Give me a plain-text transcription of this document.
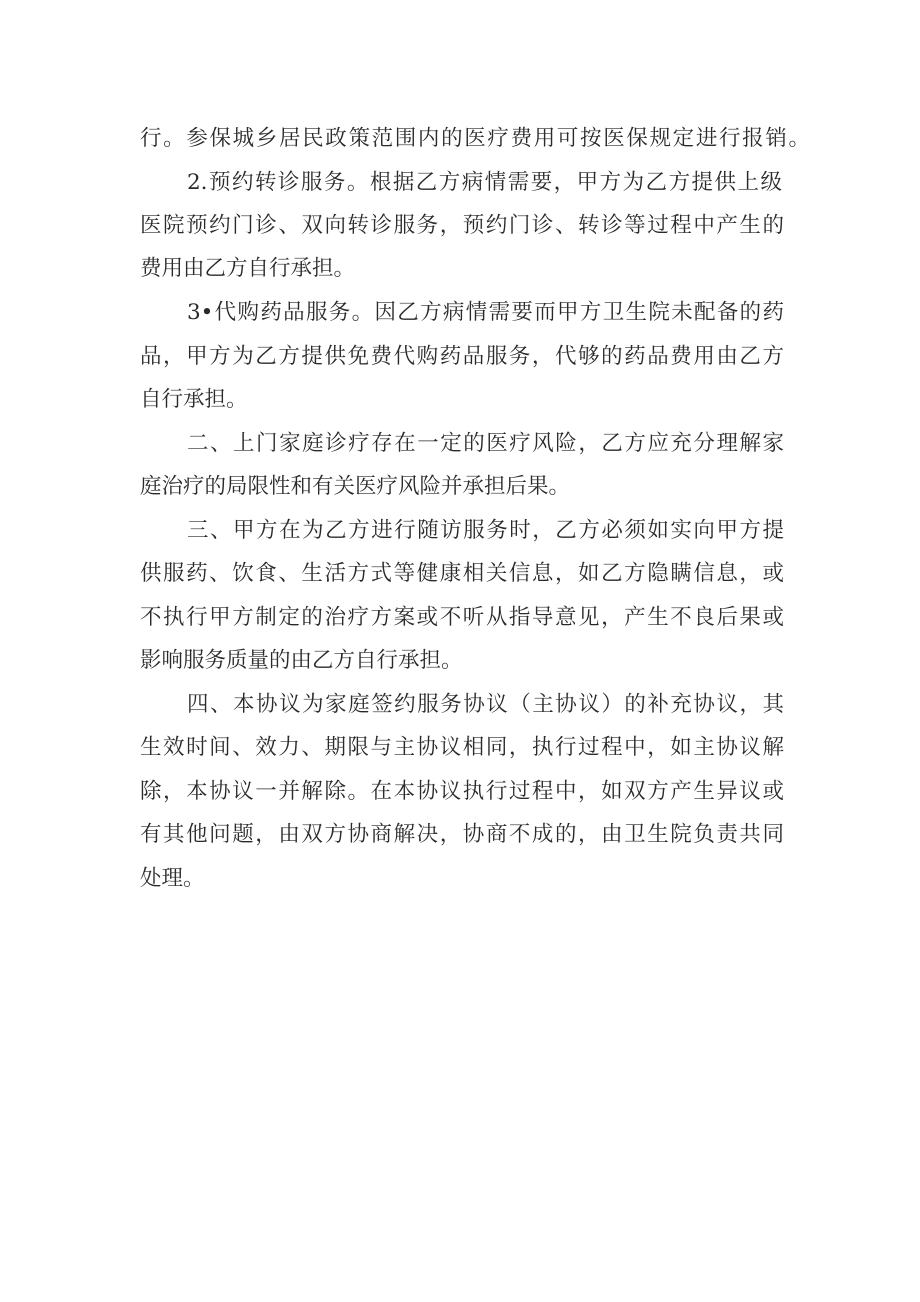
行。参保城乡居民政策范围内的医疗费用可按医保规定进行报销。
2.预约转诊服务。根据乙方病情需要，甲方为乙方提供上级
医院预约门诊、双向转诊服务，预约门诊、转诊等过程中产生的
费用由乙方自行承担。
3•代购药品服务。因乙方病情需要而甲方卫生院未配备的药
品，甲方为乙方提供免费代购药品服务，代够的药品费用由乙方
自行承担。
二、上门家庭诊疗存在一定的医疗风险，乙方应充分理解家
庭治疗的局限性和有关医疗风险并承担后果。
三、甲方在为乙方进行随访服务时，乙方必须如实向甲方提
供服药、饮食、生活方式等健康相关信息，如乙方隐瞒信息，或
不执行甲方制定的治疗方案或不听从指导意见，产生不良后果或
影响服务质量的由乙方自行承担。
四、本协议为家庭签约服务协议（主协议）的补充协议，其
生效时间、效力、期限与主协议相同，执行过程中，如主协议解
除，本协议一并解除。在本协议执行过程中，如双方产生异议或
有其他问题，由双方协商解决，协商不成的，由卫生院负责共同
处理。
